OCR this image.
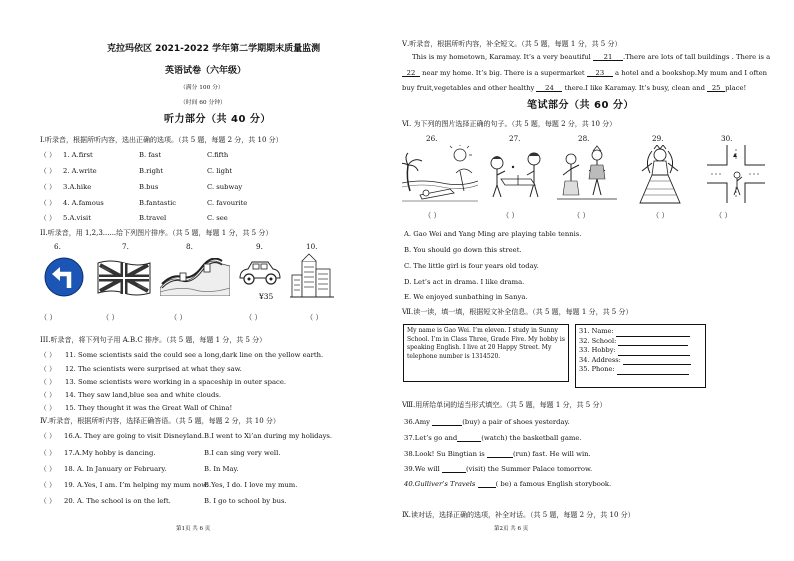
克拉玛依区 2021-2022 学年第二学期期末质量监测
英语试卷（六年级）
（满分 100 分）
（时间 60 分钟）
听力部分（共 40 分）
Ⅰ.听录音，根据所听内容，选出正确的选项。（共 5 题，每题 2 分，共 10 分）
（ ） 1. A.first	B. fast	C.fifth
（ ） 2. A.write	B.right	C. light
（ ） 3.A.hike	B.bus	C. subway
（ ） 4. A.famous	B.fantastic	C. favourite
（ ） 5.A.visit	B.travel	C. see
II.听录音，用 1,2,3......给下列图片排序。（共 5 题，每题 1 分，共 5 分）
6.	7.	8.	9.	10.
¥35
（ ）	（ ）	（ ）	（ ）	（ ）
III.听录音，将下列句子用 A.B.C 排序。（共 5 题，每题 1 分，共 5 分）
（ ） 11. Some scientists said the could see a long,dark line on the yellow earth.
（ ） 12. The scientists were surprised at what they saw.
（ ） 13. Some scientists were working in a spaceship in outer space.
（ ） 14. They saw land,blue sea and white clouds.
（ ） 15. They thought it was the Great Wall of China!
Ⅳ.听录音，根据所听内容，选择正确答语。（共 5 题，每题 2 分，共 10 分）
（ ） 16.A. They are going to visit Disneyland. B.I went to Xi’an during my holidays.
（ ） 17.A.My hobby is dancing.	B.I can sing very well.
（ ） 18. A. In January or February.	B. In May.
（ ） 19. A.Yes, I am. I’m helping my mum now.
B.Yes, I do. I love my mum.
（ ） 20. A. The school is on the left.	B. I go to school by bus.
第1页 共 6 页
Ⅴ.听录音，根据所听内容，补全短文。（共 5 题，每题 1 分，共 5 分）
This is my hometown, Karamay. It’s a very beautiful 21 .There are lots of tall buildings . There is a
22 near my home. It’s big. There is a supermarket 23 a hotel and a bookshop.My mum and I often
buy fruit,vegetables and other healthy 24 there.I like Karamay. It’s busy, clean and 25 place!
笔试部分（共 60 分）
Ⅵ. 为下列的图片选择正确的句子。（共 5 题，每题 2 分，共 10 分）
26.	27.	28.	29.	30.
（ ）	（ ）	（ ）	（ ）	（ ）
A. Gao Wei and Yang Ming are playing table tennis.
B. You should go down this street.
C. The little girl is four years old today.
D. Let’s act in drama. I like drama.
E. We enjoyed sunbathing in Sanya.
Ⅶ.读一读，填一填，根据短文补全信息。（共 5 题，每题 1 分，共 5 分）
My name is Gao Wei. I’m eleven. I study in Sunny
School. I’m in Class Three, Grade Five. My hobby is
speaking English. I live at 20 Happy Street. My
telephone number is 1314520.
31. Name:
32. School:
33. Hobby:
34. Address:
35. Phone:
Ⅷ.用所给单词的适当形式填空。（共 5 题，每题 1 分，共 5 分）
36.Amy	(buy) a pair of shoes yesterday.
37.Let’s go and	(watch) the basketball game.
38.Look! Su Bingtian is	(run) fast. He will win.
39.We will	(visit) the Summer Palace tomorrow.
40.Gulliver’s Travels	( be) a famous English storybook.
Ⅸ.读对话，选择正确的选项，补全对话。（共 5 题，每题 2 分，共 10 分）
第2页 共 6 页
